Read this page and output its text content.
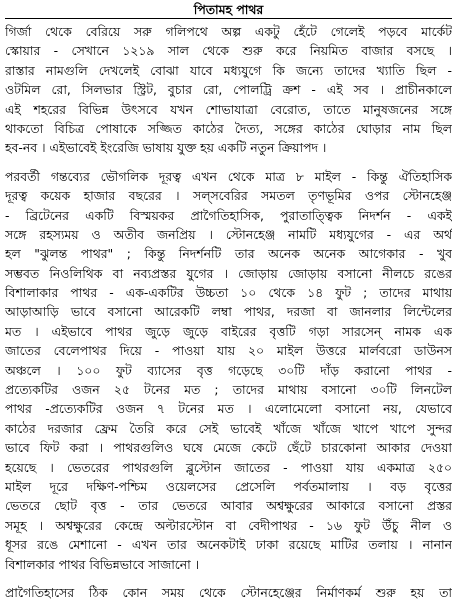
পিতামহ পাথর
গির্জা থেকে বেরিয়ে সরু গলিপথে অল্প একটু হেঁটে গেলেই পড়বে মার্কেট
স্কোয়ার - সেখানে ১২১৯ সাল থেকে শুরু করে নিয়মিত বাজার বসছে ।
রাস্তার নামগুলি দেখলেই বোঝা যাবে মধ্যযুগে কি জন্যে তাদের খ্যাতি ছিল -
ওটমিল রো, সিলভার স্ট্রিট, বুচার রো, পোলট্রি ক্রশ - এই সব । প্রাচীনকালে
এই শহরের বিভিন্ন উৎসবে যখন শোভাযাত্রা বেরোত, তাতে মানুষজনের সঙ্গে
থাকতো বিচিত্র পোষাকে সজ্জিত কাঠের দৈত্য, সঙ্গের কাঠের ঘোড়ার নাম ছিল
হব-নব । এইভাবেই ইংরেজি ভাষায় যুক্ত হয় একটি নতুন ক্রিয়াপদ ।
পরবর্তী গন্তব্যের ভৌগলিক দূরত্ব এখন থেকে মাত্র ৮ মাইল - কিন্তু ঐতিহাসিক
দূরত্ব কয়েক হাজার বছরের । সল্সবেরির সমতল তৃণভূমির ওপর স্টোনহেঞ্জ
- ব্রিটেনের একটি বিস্ময়কর প্রাগৈতিহাসিক, পুরাতাত্ত্বিক নিদর্শন - একই
সঙ্গে রহস্যময় ও অতীব জনপ্রিয় । স্টোনহেঞ্জ নামটি মধ্যযুগের - এর অর্থ
হল "ঝুলন্ত পাথর" ; কিন্তু নিদর্শনটি তার অনেক অনেক আগেকার - খুব
সম্ভবত নিওলিথিক বা নব্যপ্রস্তর যুগের । জোড়ায় জোড়ায় বসানো নীলচে রঙের
বিশালাকার পাথর - এক-একটির উচ্চতা ১০ থেকে ১৪ ফুট ; তাদের মাথায়
আড়াআড়ি ভাবে বসানো আরেকটি লম্বা পাথর, দরজা বা জানলার লিন্টেলের
মত । এইভাবে পাথর জুড়ে জুড়ে বাইরের বৃত্তটি গড়া সারসেন্ নামক এক
জাতের বেলেপাথর দিয়ে - পাওয়া যায় ২০ মাইল উত্তরে মার্লবরো ডাউনস
অঞ্চলে । ১০০ ফুট ব্যাসের বৃত্ত গড়েছে ৩০টি দাঁড় করানো পাথর -
প্রত্যেকটির ওজন ২৫ টনের মত ; তাদের মাথায় বসানো ৩০টি লিনটেল
পাথর -প্রত্যেকটির ওজন ৭ টনের মত । এলোমেলো বসানো নয়, যেভাবে
কাঠের দরজার ফ্রেম তৈরি করে সেই ভাবেই খাঁজে খাঁজে খাপে খাপে সুন্দর
ভাবে ফিট করা । পাথরগুলিও ঘষে মেজে কেটে ছেঁটে চারকোনা আকার দেওয়া
হয়েছে । ভেতরের পাথরগুলি ব্লুস্টোন জাতের - পাওয়া যায় একমাত্র ২৫০
মাইল দূরে দক্ষিণ-পশ্চিম ওয়েলসের প্রেসেলি পর্বতমালায় । বড় বৃত্তের
ভেতরে ছোট বৃত্ত - তার ভেতরে আবার অশ্বক্ষুরের আকারে বসানো প্রস্তর
সমূহ । অশ্বক্ষুরের কেন্দ্রে অল্টারস্টোন বা বেদীপাথর - ১৬ ফুট উঁচু নীল ও
ধূসর রঙে মেশানো - এখন তার অনেকটাই ঢাকা রয়েছে মাটির তলায় । নানান
বিশালকার পাথর বিভিন্নভাবে সাজানো ।
প্রাগৈতিহাসের ঠিক কোন সময় থেকে স্টোনহেঞ্জের নির্মাণকর্ম শুরু হয় তা
